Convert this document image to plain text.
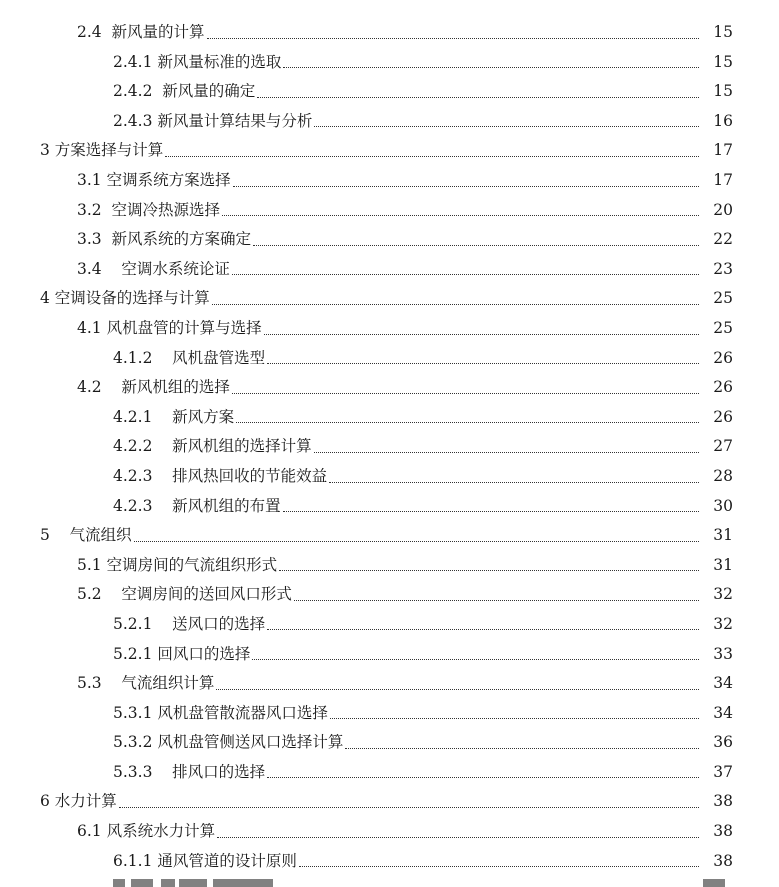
2.4  新风量的计算	15
2.4.1 新风量标准的选取	15
2.4.2  新风量的确定	15
2.4.3 新风量计算结果与分析	16
3 方案选择与计算	17
3.1 空调系统方案选择	17
3.2  空调冷热源选择	20
3.3  新风系统的方案确定	22
3.4    空调水系统论证	23
4 空调设备的选择与计算	25
4.1 风机盘管的计算与选择	25
4.1.2    风机盘管选型	26
4.2    新风机组的选择	26
4.2.1    新风方案	26
4.2.2    新风机组的选择计算	27
4.2.3    排风热回收的节能效益	28
4.2.3    新风机组的布置	30
5    气流组织	31
5.1 空调房间的气流组织形式	31
5.2    空调房间的送回风口形式	32
5.2.1    送风口的选择	32
5.2.1 回风口的选择	33
5.3    气流组织计算	34
5.3.1 风机盘管散流器风口选择	34
5.3.2 风机盘管侧送风口选择计算	36
5.3.3    排风口的选择	37
6 水力计算	38
6.1 风系统水力计算	38
6.1.1 通风管道的设计原则	38
